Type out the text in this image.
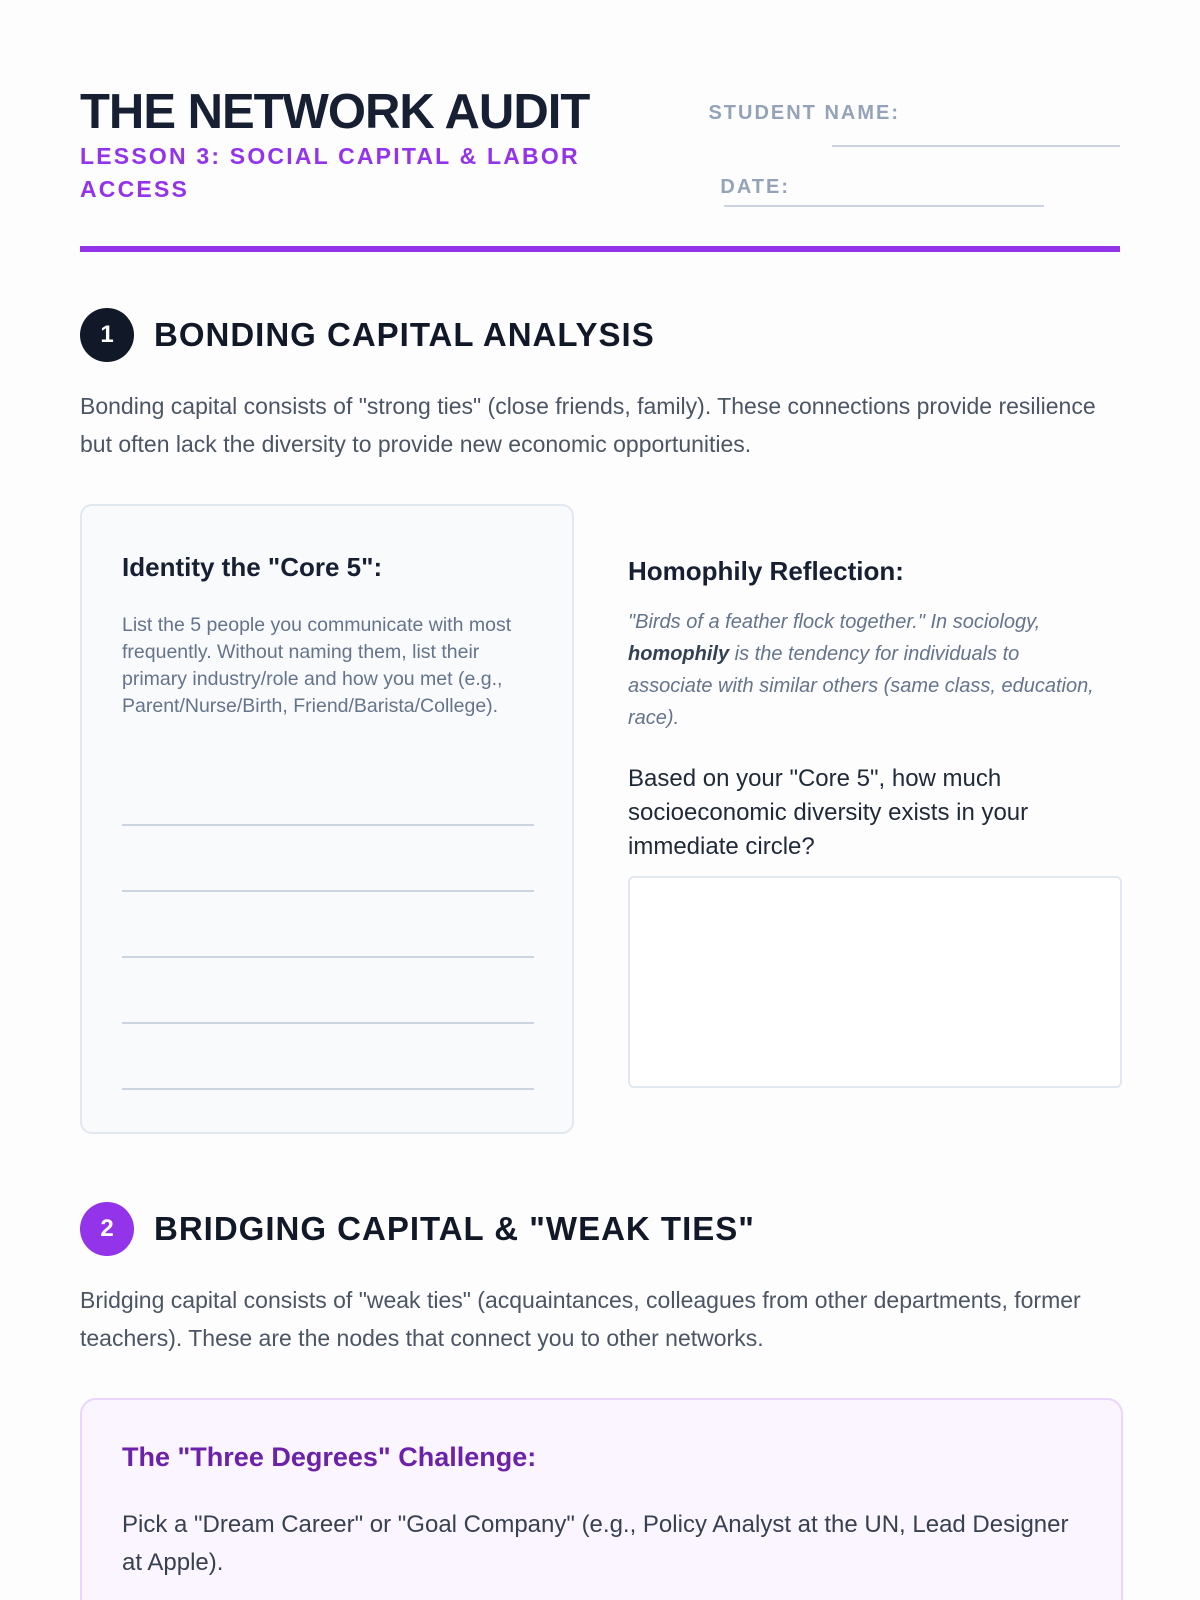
THE NETWORK AUDIT
LESSON 3: SOCIAL CAPITAL & LABOR ACCESS
STUDENT NAME:
DATE:
1	BONDING CAPITAL ANALYSIS

Bonding capital consists of "strong ties" (close friends, family). These connections provide resilience but often lack the diversity to provide new economic opportunities.

Identity the "Core 5":
List the 5 people you communicate with most frequently. Without naming them, list their primary industry/role and how you met (e.g., Parent/Nurse/Birth, Friend/Barista/College).
Homophily Reflection:

"Birds of a feather flock together." In sociology, homophily is the tendency for individuals to associate with similar others (same class, education, race).

Based on your "Core 5", how much socioeconomic diversity exists in your immediate circle?

2	BRIDGING CAPITAL & "WEAK TIES"

Bridging capital consists of "weak ties" (acquaintances, colleagues from other departments, former teachers). These are the nodes that connect you to other networks.

The "Three Degrees" Challenge:

Pick a "Dream Career" or "Goal Company" (e.g., Policy Analyst at the UN, Lead Designer at Apple).
